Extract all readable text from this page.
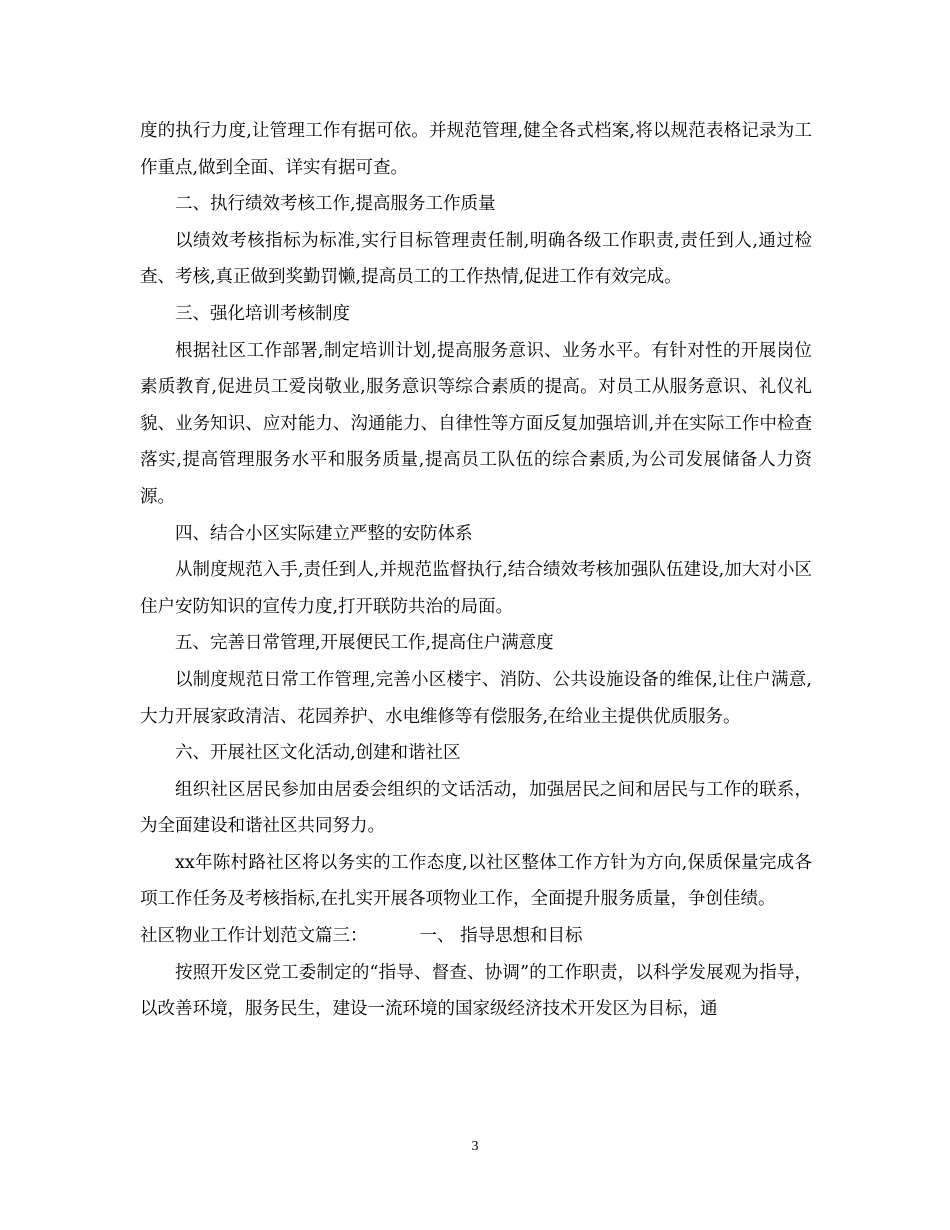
度的执行力度,让管理工作有据可依。并规范管理,健全各式档案,将以规范表格记录为工作重点,做到全面、详实有据可查。

二、执行绩效考核工作,提高服务工作质量

以绩效考核指标为标准,实行目标管理责任制,明确各级工作职责,责任到人,通过检查、考核,真正做到奖勤罚懒,提高员工的工作热情,促进工作有效完成。

三、强化培训考核制度

根据社区工作部署,制定培训计划,提高服务意识、业务水平。有针对性的开展岗位素质教育,促进员工爱岗敬业,服务意识等综合素质的提高。对员工从服务意识、礼仪礼貌、业务知识、应对能力、沟通能力、自律性等方面反复加强培训,并在实际工作中检查落实,提高管理服务水平和服务质量,提高员工队伍的综合素质,为公司发展储备人力资源。

四、结合小区实际建立严整的安防体系

从制度规范入手,责任到人,并规范监督执行,结合绩效考核加强队伍建设,加大对小区住户安防知识的宣传力度,打开联防共治的局面。

五、完善日常管理,开展便民工作,提高住户满意度

以制度规范日常工作管理,完善小区楼宇、消防、公共设施设备的维保,让住户满意,大力开展家政清洁、花园养护、水电维修等有偿服务,在给业主提供优质服务。

六、开展社区文化活动,创建和谐社区

组织社区居民参加由居委会组织的文话活动，加强居民之间和居民与工作的联系，为全面建设和谐社区共同努力。

xx年陈村路社区将以务实的工作态度,以社区整体工作方针为方向,保质保量完成各项工作任务及考核指标,在扎实开展各项物业工作，全面提升服务质量，争创佳绩。

社区物业工作计划范文篇三：	一、 指导思想和目标

按照开发区党工委制定的“指导、督查、协调”的工作职责，以科学发展观为指导，以改善环境，服务民生，建设一流环境的国家级经济技术开发区为目标，通

3
